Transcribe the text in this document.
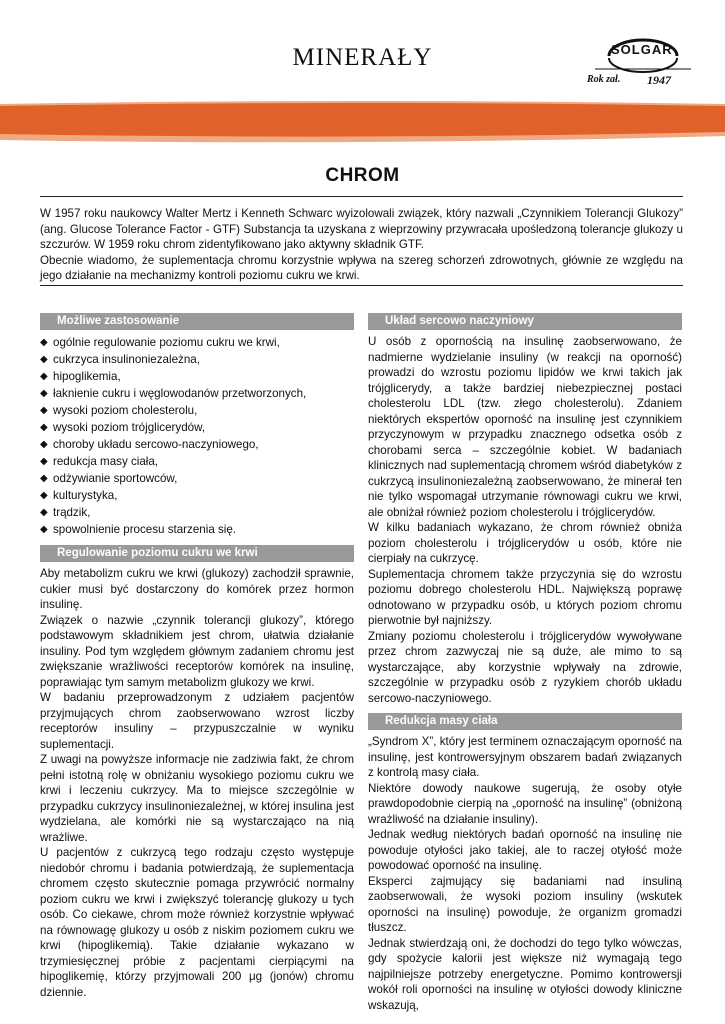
MINERAŁY	SOLGAR
Rok zał. 1947
CHROM

W 1957 roku naukowcy Walter Mertz i Kenneth Schwarc wyizolowali związek, który nazwali „Czynnikiem Tolerancji Glukozy” (ang. Glucose Tolerance Factor - GTF) Substancja ta uzyskana z wieprzowiny przywracała upośledzoną tolerancje glukozy u szczurów. W 1959 roku chrom zidentyfikowano jako aktywny składnik GTF.

Obecnie wiadomo, że suplementacja chromu korzystnie wpływa na szereg schorzeń zdrowotnych, głównie ze względu na jego działanie na mechanizmy kontroli poziomu cukru we krwi.

Możliwe zastosowanie
◆ ogólnie regulowanie poziomu cukru we krwi,
◆ cukrzyca insulinoniezależna,
◆ hipoglikemia,
◆ łaknienie cukru i węglowodanów przetworzonych,
◆ wysoki poziom cholesterolu,
◆ wysoki poziom trójglicerydów,
◆ choroby układu sercowo-naczyniowego,
◆ redukcja masy ciała,
◆ odżywianie sportowców,
◆ kulturystyka,
◆ trądzik,
◆ spowolnienie procesu starzenia się.
Regulowanie poziomu cukru we krwi

Aby metabolizm cukru we krwi (glukozy) zachodził sprawnie, cukier musi być dostarczony do komórek przez hormon insulinę.

Związek o nazwie „czynnik tolerancji glukozy”, którego podstawowym składnikiem jest chrom, ułatwia działanie insuliny. Pod tym względem głównym zadaniem chromu jest zwiększanie wrażliwości receptorów komórek na insulinę, poprawiając tym samym metabolizm glukozy we krwi.

W badaniu przeprowadzonym z udziałem pacjentów przyjmujących chrom zaobserwowano wzrost liczby receptorów insuliny – przypuszczalnie w wyniku suplementacji.

Z uwagi na powyższe informacje nie zadziwia fakt, że chrom pełni istotną rolę w obniżaniu wysokiego poziomu cukru we krwi i leczeniu cukrzycy. Ma to miejsce szczególnie w przypadku cukrzycy insulinoniezależnej, w której insulina jest wydzielana, ale komórki nie są wystarczająco na nią wrażliwe.

U pacjentów z cukrzycą tego rodzaju często występuje niedobór chromu i badania potwierdzają, że suplementacja chromem często skutecznie pomaga przywrócić normalny poziom cukru we krwi i zwiększyć tolerancję glukozy u tych osób. Co ciekawe, chrom może również korzystnie wpływać na równowagę glukozy u osób z niskim poziomem cukru we krwi (hipoglikemią). Takie działanie wykazano w trzymiesięcznej próbie z pacjentami cierpiącymi na hipoglikemię, którzy przyjmowali 200 μg (jonów) chromu dziennie.

Układ sercowo naczyniowy

U osób z opornością na insulinę zaobserwowano, że nadmierne wydzielanie insuliny (w reakcji na oporność) prowadzi do wzrostu poziomu lipidów we krwi takich jak trójglicerydy, a także bardziej niebezpiecznej postaci cholesterolu LDL (tzw. złego cholesterolu). Zdaniem niektórych ekspertów oporność na insulinę jest czynnikiem przyczynowym w przypadku znacznego odsetka osób z chorobami serca – szczególnie kobiet. W badaniach klinicznych nad suplementacją chromem wśród diabetyków z cukrzycą insulinoniezależną zaobserwowano, że minerał ten nie tylko wspomagał utrzymanie równowagi cukru we krwi, ale obniżał również poziom cholesterolu i trójglicerydów.

W kilku badaniach wykazano, że chrom również obniża poziom cholesterolu i trójglicerydów u osób, które nie cierpiały na cukrzycę.

Suplementacja chromem także przyczynia się do wzrostu poziomu dobrego cholesterolu HDL. Największą poprawę odnotowano w przypadku osób, u których poziom chromu pierwotnie był najniższy.

Zmiany poziomu cholesterolu i trójglicerydów wywoływane przez chrom zazwyczaj nie są duże, ale mimo to są wystarczające, aby korzystnie wpływały na zdrowie, szczególnie w przypadku osób z ryzykiem chorób układu sercowo-naczyniowego.

Redukcja masy ciała

„Syndrom X”, który jest terminem oznaczającym oporność na insulinę, jest kontrowersyjnym obszarem badań związanych z kontrolą masy ciała.

Niektóre dowody naukowe sugerują, że osoby otyłe prawdopodobnie cierpią na „oporność na insulinę” (obniżoną wrażliwość na działanie insuliny).

Jednak według niektórych badań oporność na insulinę nie powoduje otyłości jako takiej, ale to raczej otyłość może powodować oporność na insulinę.

Eksperci zajmujący się badaniami nad insuliną zaobserwowali, że wysoki poziom insuliny (wskutek oporności na insulinę) powoduje, że organizm gromadzi tłuszcz.

Jednak stwierdzają oni, że dochodzi do tego tylko wówczas, gdy spożycie kalorii jest większe niż wymagają tego najpilniejsze potrzeby energetyczne. Pomimo kontrowersji wokół roli oporności na insulinę w otyłości dowody kliniczne wskazują,
